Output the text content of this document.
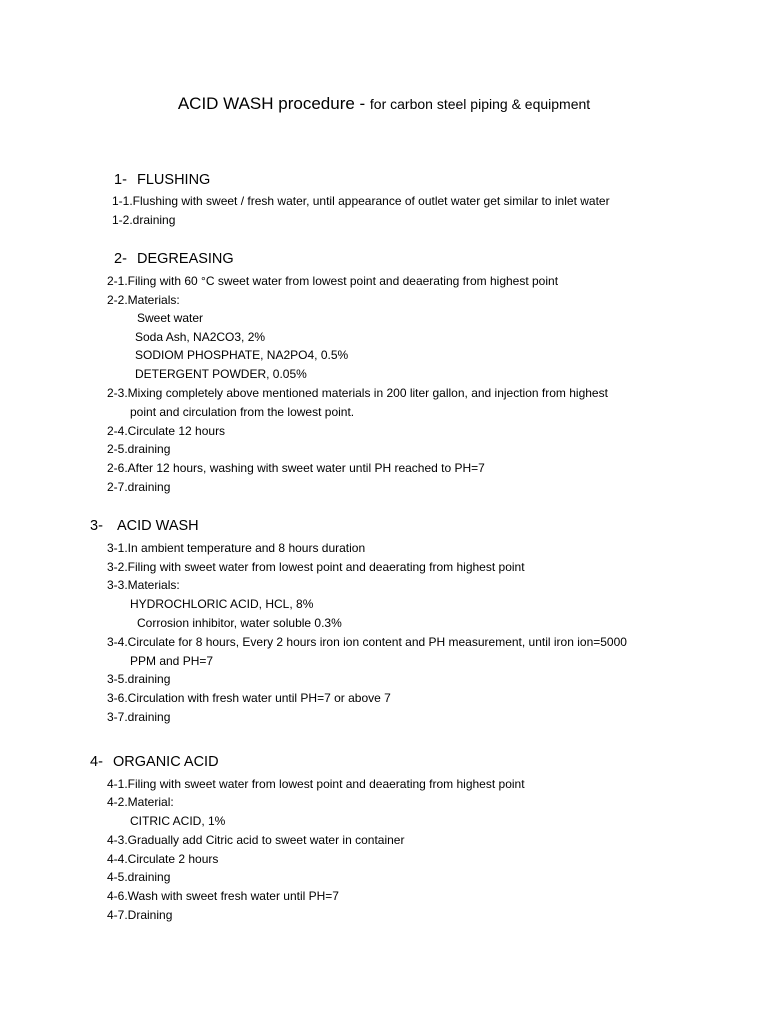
ACID WASH procedure - for carbon steel piping & equipment
1- FLUSHING
1-1.Flushing with sweet / fresh water, until appearance of outlet water get similar to inlet water
1-2.draining
2- DEGREASING
2-1.Filing with 60 °C sweet water from lowest point and deaerating from highest point
2-2.Materials:
Sweet water
Soda Ash, NA2CO3, 2%
SODIOM PHOSPHATE, NA2PO4, 0.5%
DETERGENT POWDER, 0.05%
2-3.Mixing completely above mentioned materials in 200 liter gallon, and injection from highest
point and circulation from the lowest point.
2-4.Circulate 12 hours
2-5.draining
2-6.After 12 hours, washing with sweet water until PH reached to PH=7
2-7.draining
3- ACID WASH
3-1.In ambient temperature and 8 hours duration
3-2.Filing with sweet water from lowest point and deaerating from highest point
3-3.Materials:
HYDROCHLORIC ACID, HCL, 8%
Corrosion inhibitor, water soluble 0.3%
3-4.Circulate for 8 hours, Every 2 hours iron ion content and PH measurement, until iron ion=5000
PPM and PH=7
3-5.draining
3-6.Circulation with fresh water until PH=7 or above 7
3-7.draining
4- ORGANIC ACID
4-1.Filing with sweet water from lowest point and deaerating from highest point
4-2.Material:
CITRIC ACID, 1%
4-3.Gradually add Citric acid to sweet water in container
4-4.Circulate 2 hours
4-5.draining
4-6.Wash with sweet fresh water until PH=7
4-7.Draining
